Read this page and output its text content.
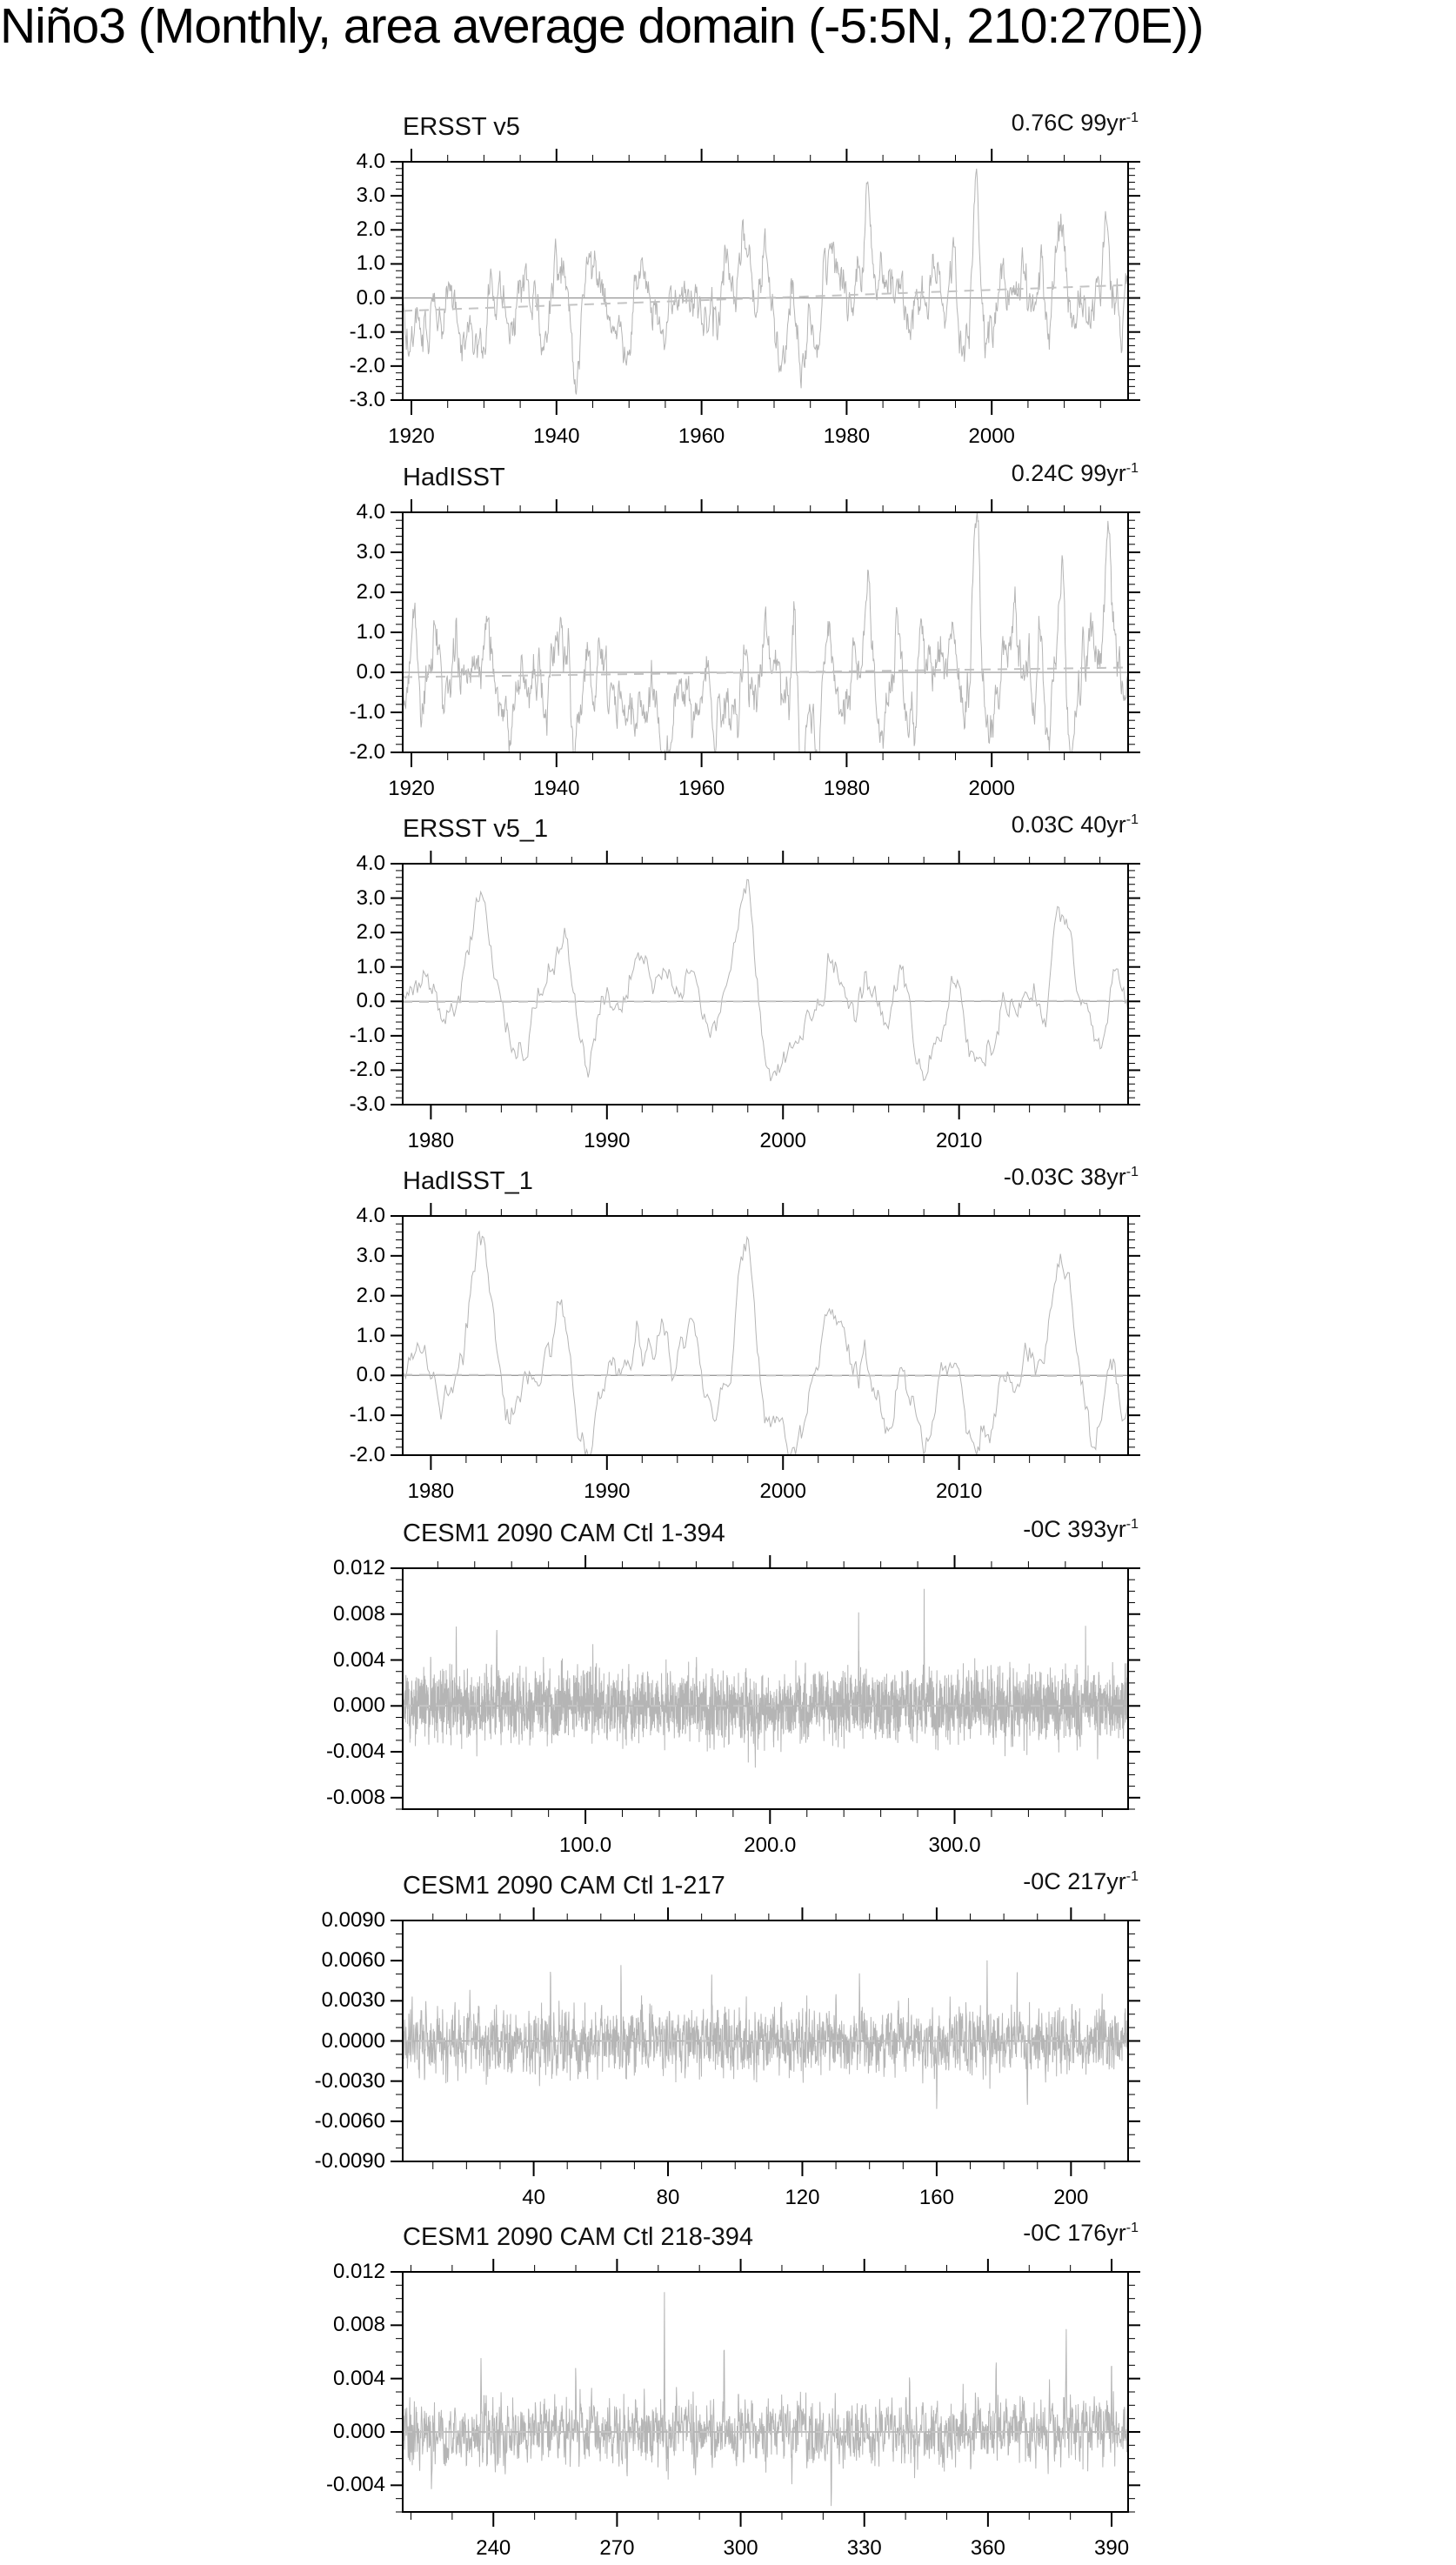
Niño3 (Monthly, area average domain (-5:5N, 210:270E))
ERSST v5	0.76C $99yr^{-1}$
4.0
3.0
2.0
1.0
0.0
-1.0
-2.0
-3.0
1920	1940	1960	1980	2000
HadISST	0.24C $99yr^{-1}$
4.0
3.0
2.0
1.0
0.0
-1.0
-2.0
1920	1940	1960	1980	2000
ERSST v5_1	0.03C $40yr^{-1}$
4.0
3.0
2.0
1.0
0.0
-1.0
-2.0
-3.0
1980	1990	2000	2010
HadISST_1	-0.03C $38yr^{-1}$
4.0
3.0
2.0
1.0
0.0
-1.0
-2.0
1980	1990	2000	2010
CESM1 2090 CAM Ctl 1-394	-0C $393yr^{-1}$
0.012
0.008
0.004
0.000
-0.004
-0.008
100.0	200.0	300.0
CESM1 2090 CAM Ctl 1-217	-0C $217yr^{-1}$
0.0090
0.0060
0.0030
0.0000
-0.0030
-0.0060
-0.0090
40	80	120	160	200
CESM1 2090 CAM Ctl 218-394	-0C $176yr^{-1}$
0.012
0.008
0.004
0.000
-0.004
240	270	300	330	360	390
